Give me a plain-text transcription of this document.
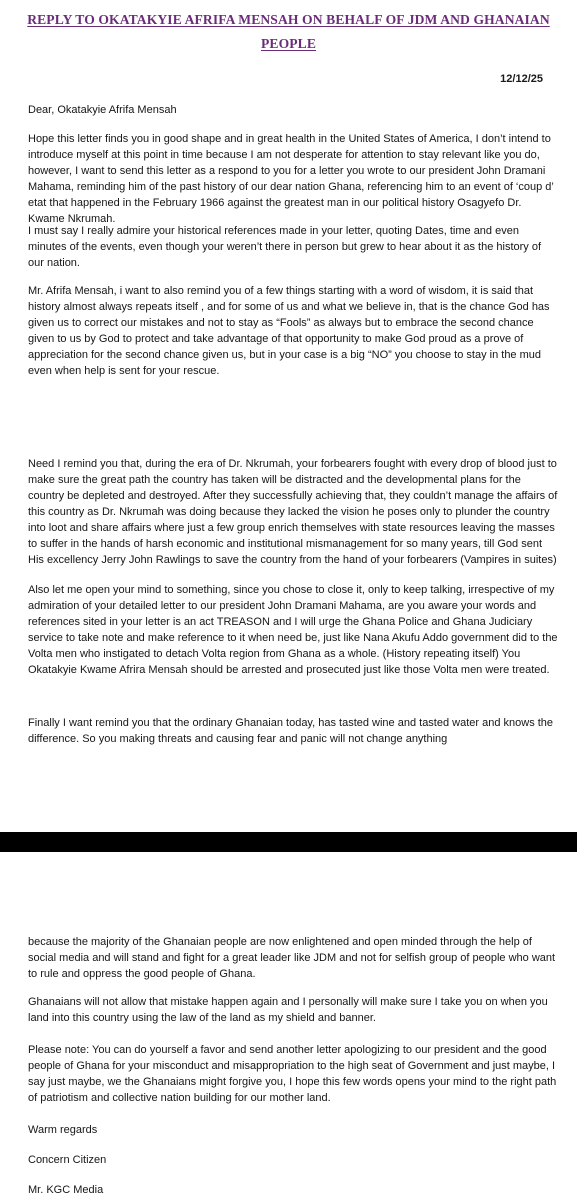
REPLY TO OKATAKYIE AFRIFA MENSAH ON BEHALF OF JDM AND GHANAIAN PEOPLE

12/12/25

Dear, Okatakyie Afrifa Mensah

Hope this letter finds you in good shape and in great health in the United States of America, I don’t intend to introduce myself at this point in time because I am not desperate for attention to stay relevant like you do, however, I want to send this letter as a respond to you for a letter you wrote to our president John Dramani Mahama, reminding him of the past history of our dear nation Ghana, referencing him to an event of ‘coup d’ etat that happened in the February 1966 against the greatest man in our political history Osagyefo Dr. Kwame Nkrumah.

I must say I really admire your historical references made in your letter, quoting Dates, time and even minutes of the events, even though your weren’t there in person but grew to hear about it as the history of our nation.

Mr. Afrifa Mensah, i want to also remind you of a few things starting with a word of wisdom, it is said that history almost always repeats itself , and for some of us and what we believe in, that is the chance God has given us to correct our mistakes and not to stay as “Fools” as always but to embrace the second chance given to us by God to protect and take advantage of that opportunity to make God proud as a prove of appreciation for the second chance given us, but in your case is a big “NO” you choose to stay in the mud even when help is sent for your rescue.

Need I remind you that, during the era of Dr. Nkrumah, your forbearers fought with every drop of blood just to make sure the great path the country has taken will be distracted and the developmental plans for the country be depleted and destroyed. After they successfully achieving that, they couldn’t manage the affairs of this country as Dr. Nkrumah was doing because they lacked the vision he poses only to plunder the country into loot and share affairs where just a few group enrich themselves with state resources leaving the masses to suffer in the hands of harsh economic and institutional mismanagement for so many years, till God sent His excellency Jerry John Rawlings to save the country from the hand of your forbearers (Vampires in suites)

Also let me open your mind to something, since you chose to close it, only to keep talking, irrespective of my admiration of your detailed letter to our president John Dramani Mahama, are you aware your words and references sited in your letter is an act TREASON and I will urge the Ghana Police and Ghana Judiciary service to take note and make reference to it when need be, just like Nana Akufu Addo government did to the Volta men who instigated to detach Volta region from Ghana as a whole. (History repeating itself) You Okatakyie Kwame Afrira Mensah should be arrested and prosecuted just like those Volta men were treated.

Finally I want remind you that the ordinary Ghanaian today, has tasted wine and tasted water and knows the difference. So you making threats and causing fear and panic will not change anything

because the majority of the Ghanaian people are now enlightened and open minded through the help of social media and will stand and fight for a great leader like JDM and not for selfish group of people who want to rule and oppress the good people of Ghana.

Ghanaians will not allow that mistake happen again and I personally will make sure I take you on when you land into this country using the law of the land as my shield and banner.

Please note: You can do yourself a favor and send another letter apologizing to our president and the good people of Ghana for your misconduct and misappropriation to the high seat of Government and just maybe, I say just maybe, we the Ghanaians might forgive you, I hope this few words opens your mind to the right path of patriotism and collective nation building for our mother land.

Warm regards

Concern Citizen

Mr. KGC Media
